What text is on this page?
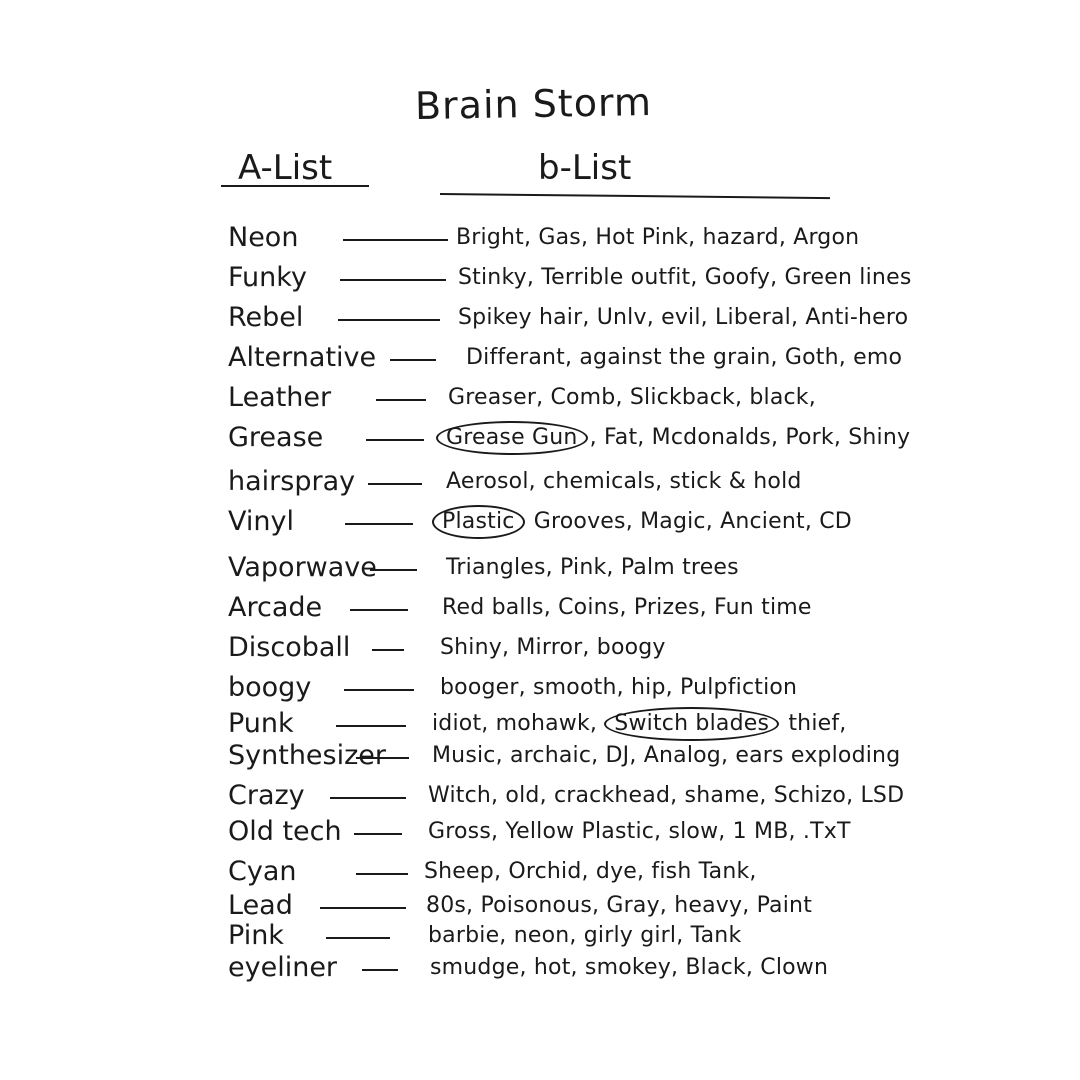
Brain Storm
A-List	b-List
Neon	Bright, Gas, Hot Pink, hazard, Argon
Funky	Stinky, Terrible outfit, Goofy, Green lines
Rebel	Spikey hair, Unlv, evil, Liberal, Anti-hero
Alternative	Differant, against the grain, Goth, emo
Leather	Greaser, Comb, Slickback, black,
Grease	Grease Gun , Fat, Mcdonalds, Pork, Shiny
hairspray	Aerosol, chemicals, stick & hold
Vinyl	Plastic Grooves, Magic, Ancient, CD
Vaporwave	Triangles, Pink, Palm trees
Arcade	Red balls, Coins, Prizes, Fun time
Discoball	Shiny, Mirror, boogy
boogy	booger, smooth, hip, Pulpfiction
Punk	idiot, mohawk, Switch blades thief,
Synthesizer Music, archaic, DJ, Analog, ears exploding
Crazy	Witch, old, crackhead, shame, Schizo, LSD
Old tech	Gross, Yellow Plastic, slow, 1 MB, .TxT
Cyan	Sheep, Orchid, dye, fish Tank,
Lead	80s, Poisonous, Gray, heavy, Paint
Pink	barbie, neon, girly girl, Tank
eyeliner	smudge, hot, smokey, Black, Clown
